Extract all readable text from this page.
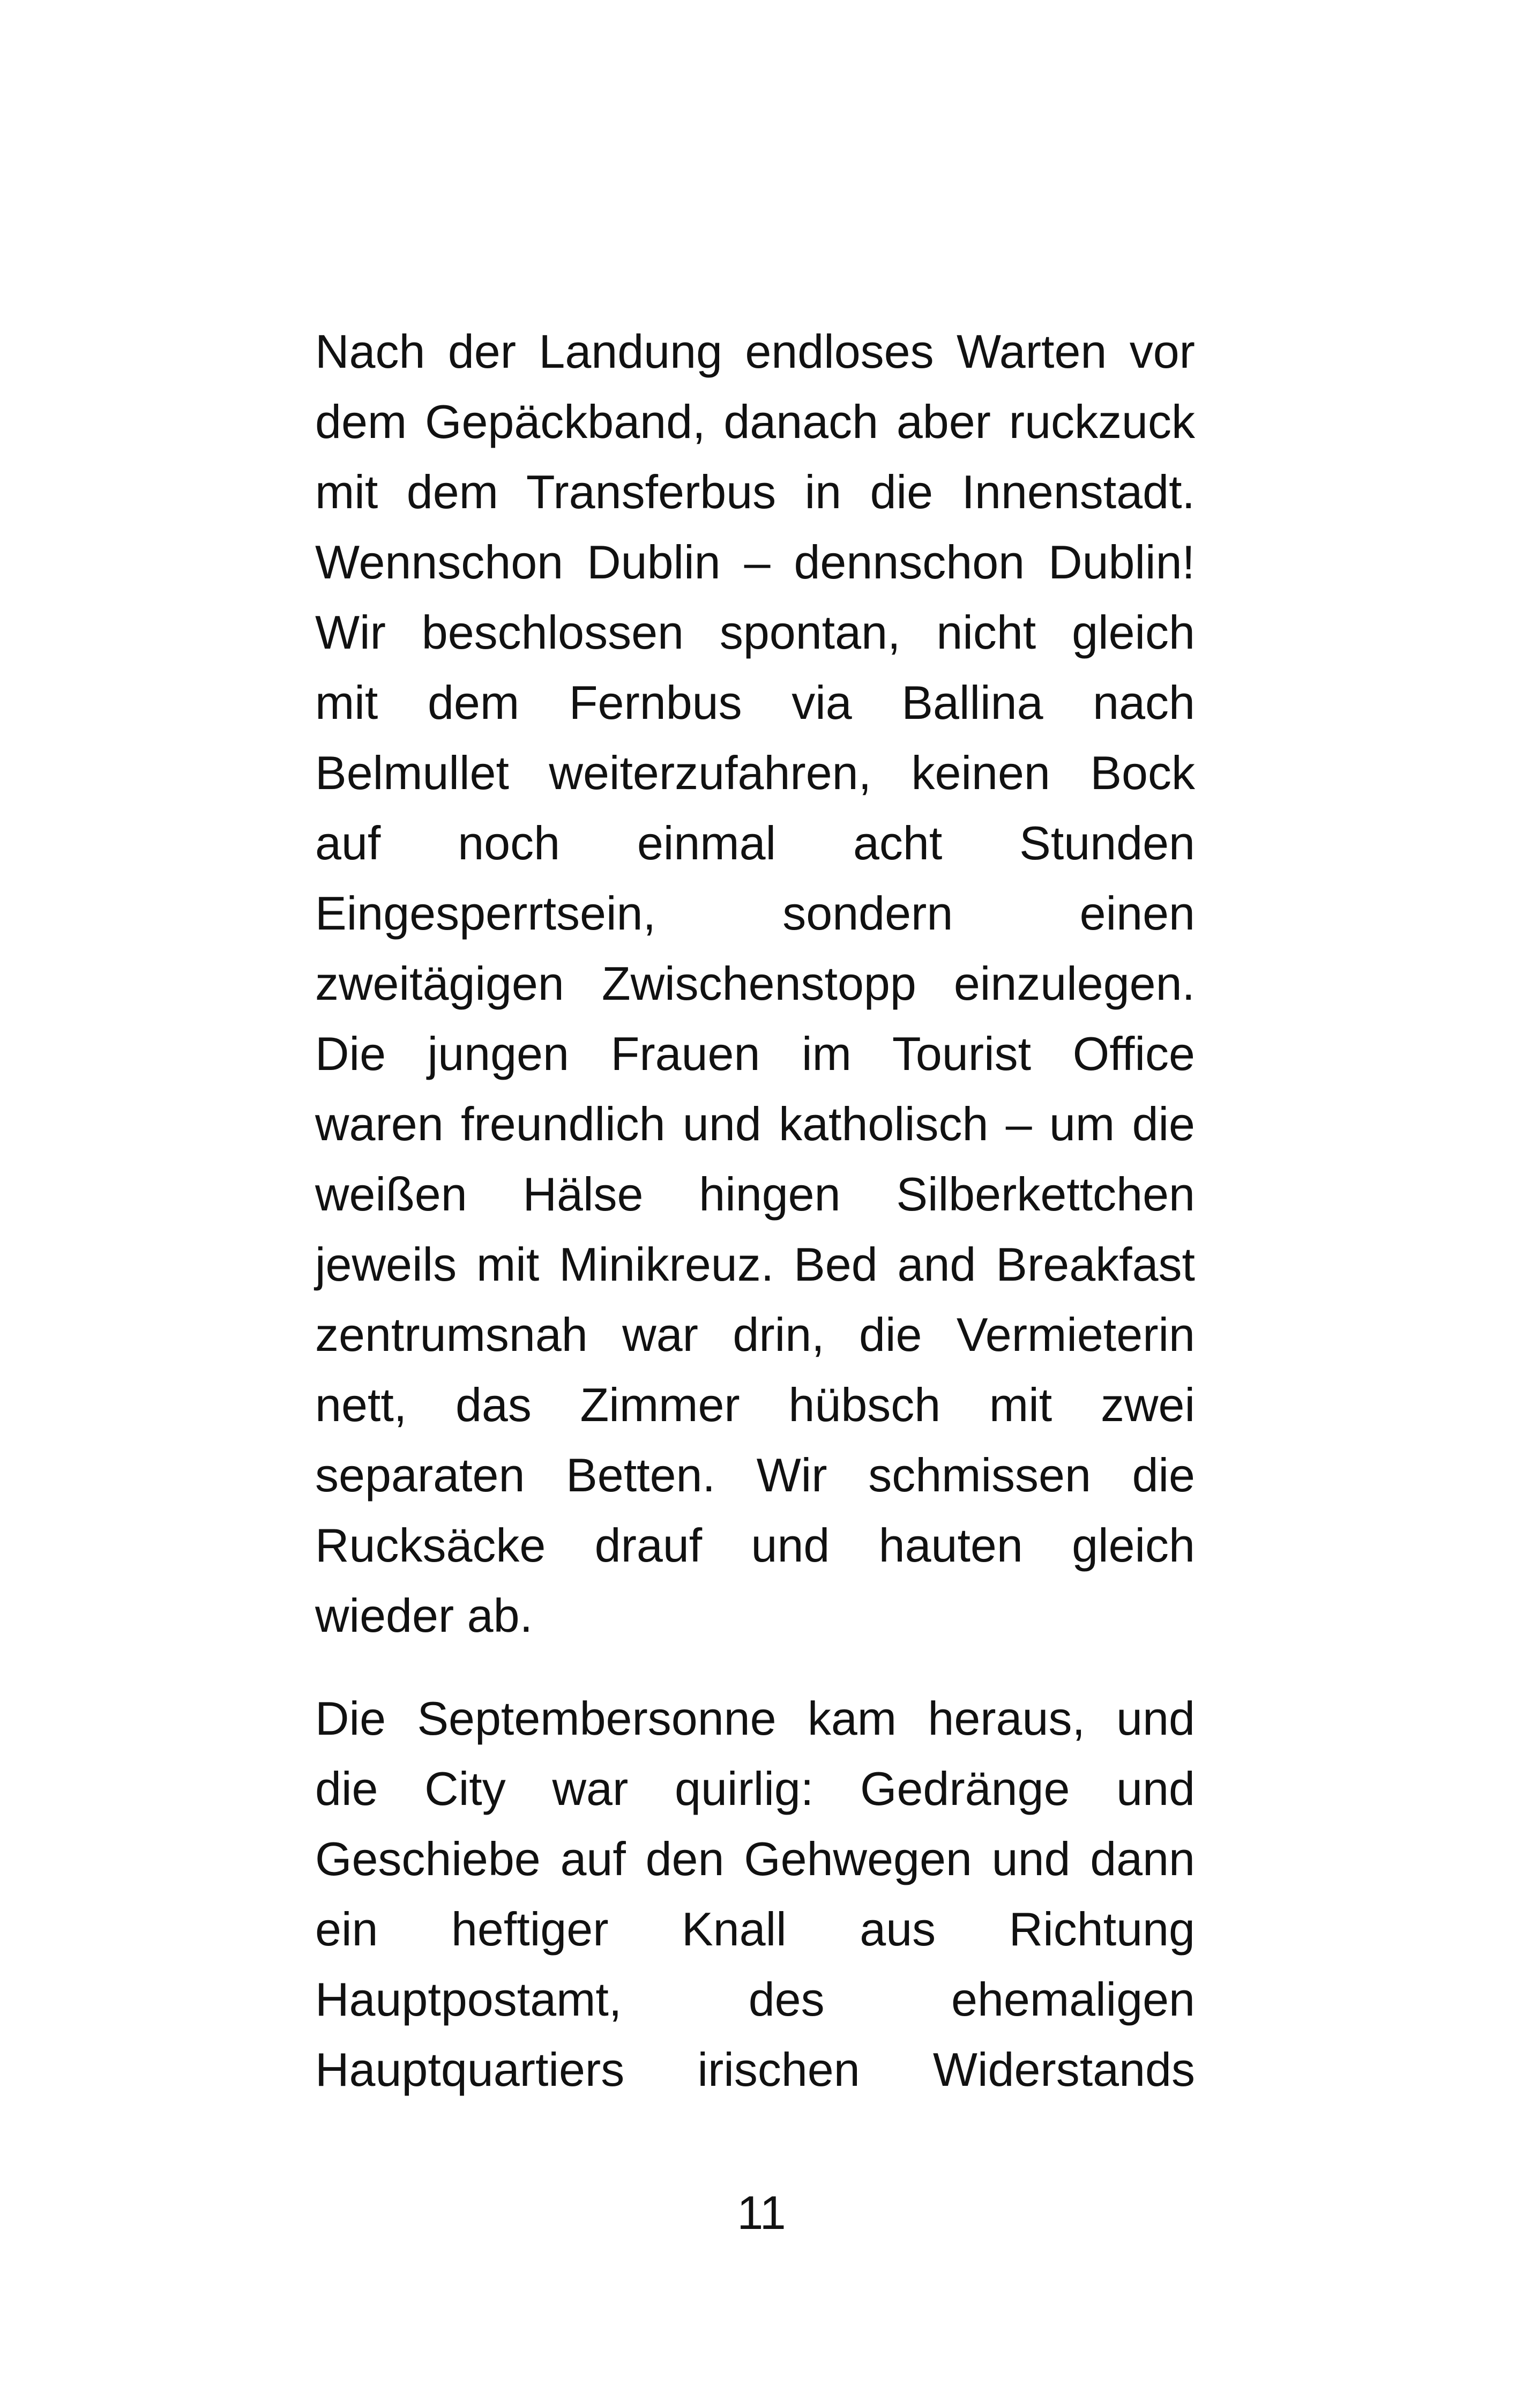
Nach der Landung endloses Warten vor
dem Gepäckband, danach aber ruckzuck
mit dem Transferbus in die Innenstadt.
Wennschon Dublin – dennschon Dublin!
Wir beschlossen spontan, nicht gleich
mit dem Fernbus via Ballina nach
Belmullet weiterzufahren, keinen Bock
auf noch einmal acht Stunden
Eingesperrtsein, sondern einen
zweitägigen Zwischenstopp einzulegen.
Die jungen Frauen im Tourist Office
waren freundlich und katholisch – um die
weißen Hälse hingen Silberkettchen
jeweils mit Minikreuz. Bed and Breakfast
zentrumsnah war drin, die Vermieterin
nett, das Zimmer hübsch mit zwei
separaten Betten. Wir schmissen die
Rucksäcke drauf und hauten gleich
wieder ab.
Die Septembersonne kam heraus, und
die City war quirlig: Gedränge und
Geschiebe auf den Gehwegen und dann
ein heftiger Knall aus Richtung
Hauptpostamt, des ehemaligen
Hauptquartiers irischen Widerstands
11
